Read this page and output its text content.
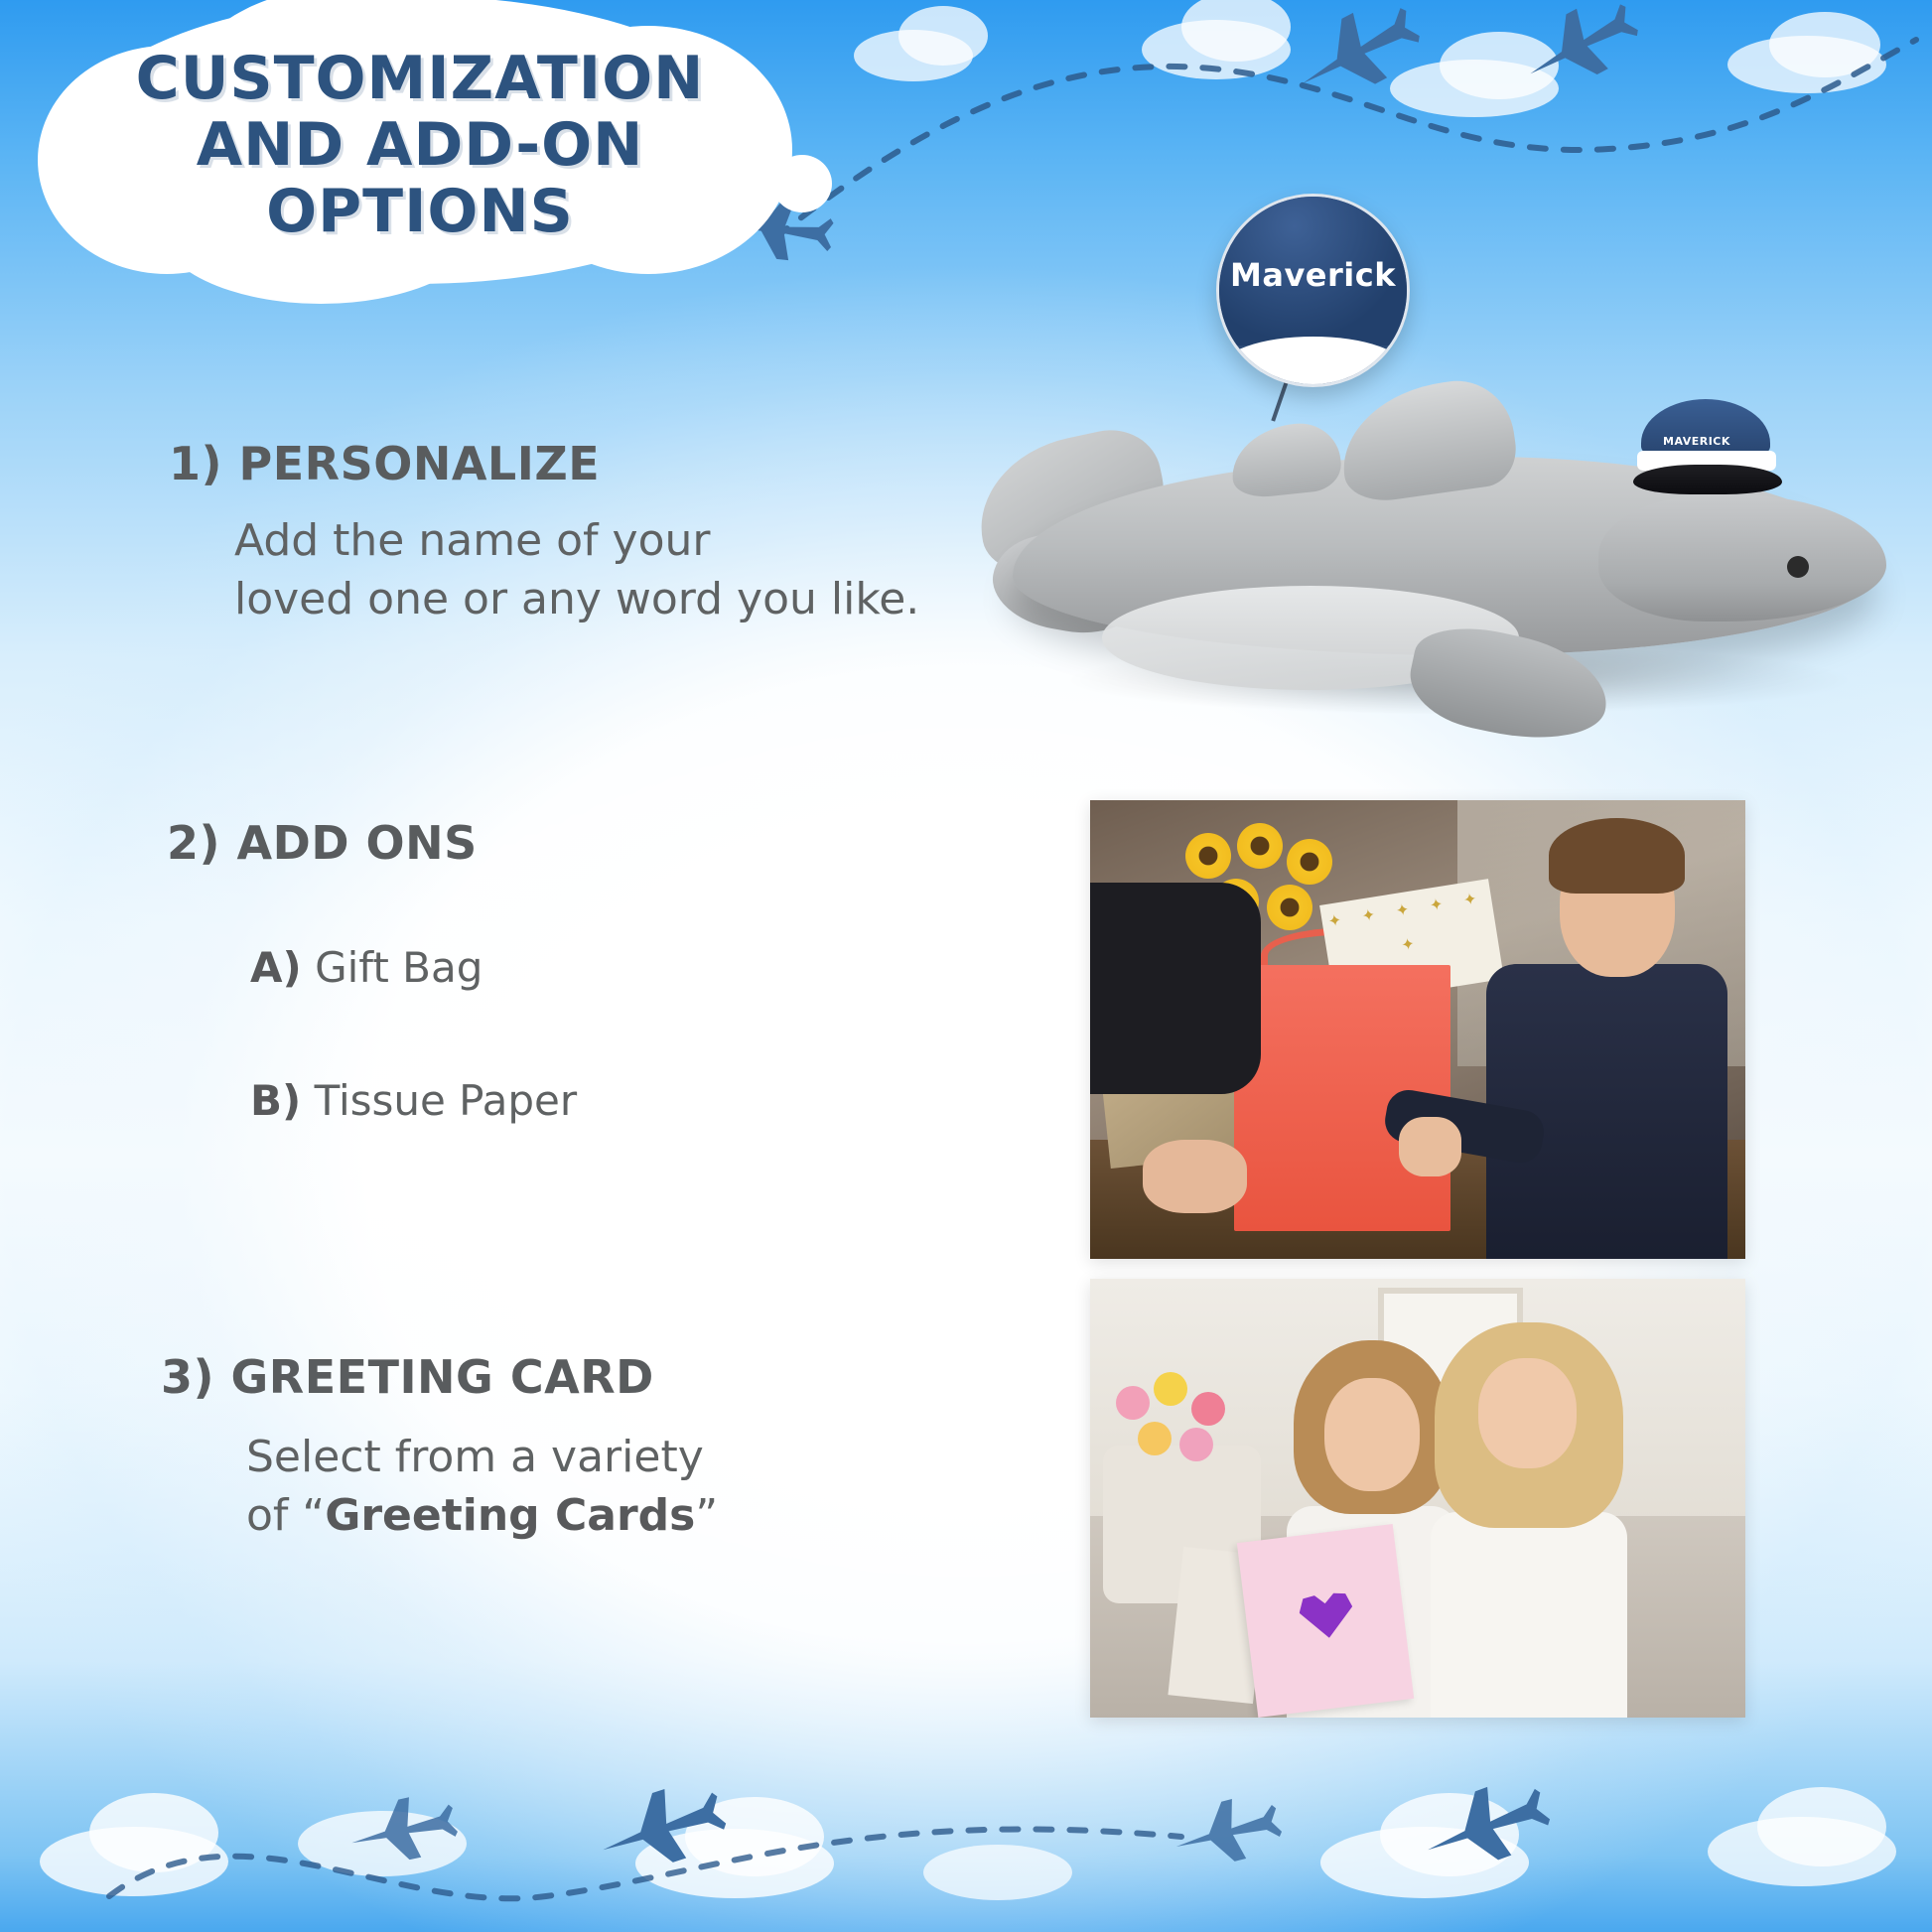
CUSTOMIZATION
AND ADD-ON
OPTIONS
1) PERSONALIZE
Add the name of your
loved one or any word you like.
2) ADD ONS
A) Gift Bag
B) Tissue Paper
3) GREETING CARD
Select from a variety
of “Greeting Cards”
MAVERICK
Maverick
✦ ✦ ✦ ✦ ✦ ✦
